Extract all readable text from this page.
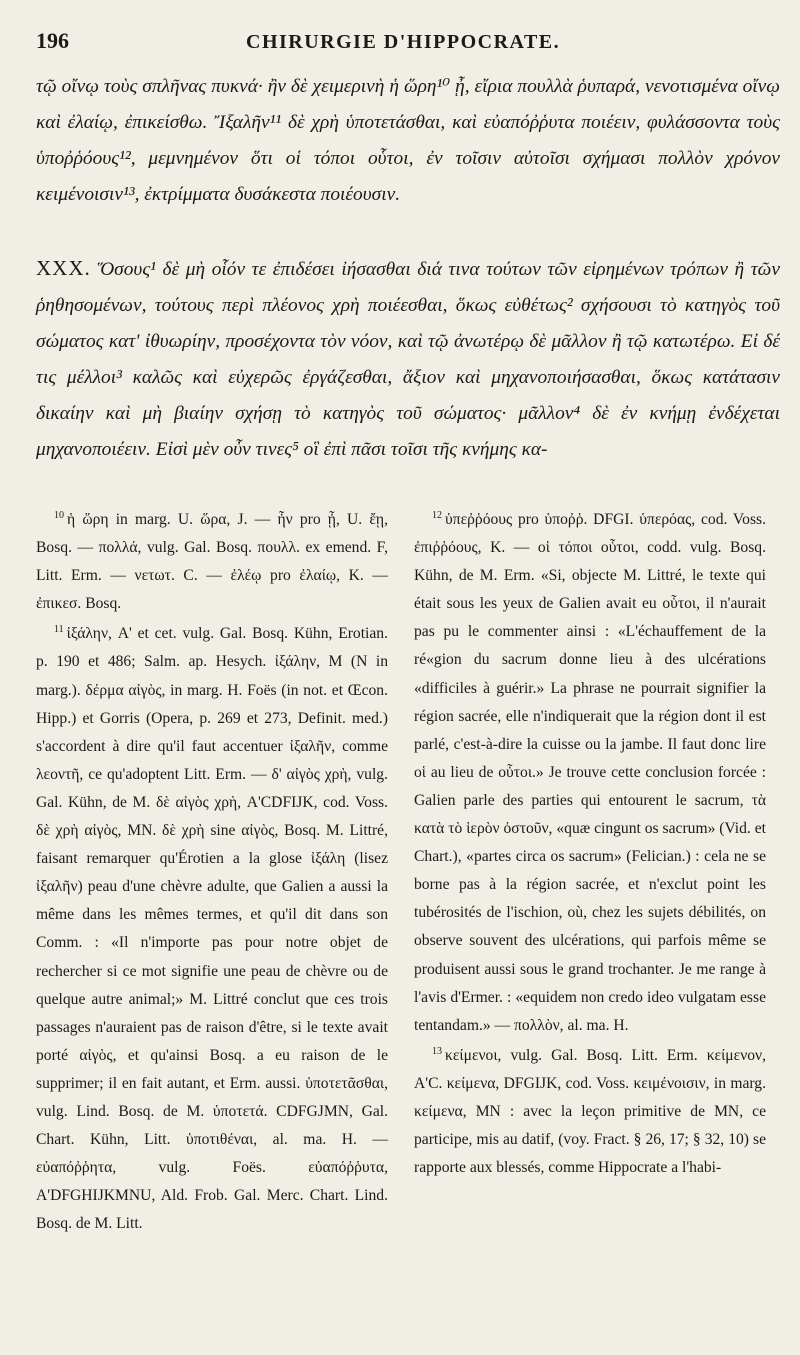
196	CHIRURGIE D'HIPPOCRATE.

τῷ οἴνῳ τοὺς σπλῆνας πυκνά· ἢν δὲ χειμερινὴ ἡ ὥρη¹⁰ ᾖ, εἴρια πουλλὰ ῥυπαρά, νενοτισμένα οἴνῳ καὶ ἐλαίῳ, ἐπικείσθω. Ἴξαλῆν¹¹ δὲ χρὴ ὑποτετάσθαι, καὶ εὐαπόῤῥυτα ποιέειν, φυλάσσοντα τοὺς ὑποῤῥόους¹², μεμνημένον ὅτι οἱ τόποι οὗτοι, ἐν τοῖσιν αὐτοῖσι σχήμασι πολλὸν χρόνον κειμένοισιν¹³, ἐκτρίμματα δυσάκεστα ποιέουσιν.

XXX. Ὅσους¹ δὲ μὴ οἷόν τε ἐπιδέσει ἰήσασθαι διά τινα τούτων τῶν εἰρημένων τρόπων ἢ τῶν ῥηθησομένων, τούτους περὶ πλέονος χρὴ ποιέεσθαι, ὅκως εὐθέτως² σχήσουσι τὸ κατηγὸς τοῦ σώματος κατ' ἰθυωρίην, προσέχοντα τὸν νόον, καὶ τῷ ἀνωτέρῳ δὲ μᾶλλον ἢ τῷ κατωτέρω. Εἰ δέ τις μέλλοι³ καλῶς καὶ εὐχερῶς ἐργάζεσθαι, ἄξιον καὶ μηχανοποιήσασθαι, ὅκως κατάτασιν δικαίην καὶ μὴ βιαίην σχήσῃ τὸ κατηγὸς τοῦ σώματος· μᾶλλον⁴ δὲ ἐν κνήμῃ ἐνδέχεται μηχανοποιέειν. Εἰσὶ μὲν οὖν τινες⁵ οἳ ἐπὶ πᾶσι τοῖσι τῆς κνήμης κα-

$^{10}$ ἡ ὥρη in marg. U. ὥρα, J. — ἦν pro ᾖ, U. ἔῃ, Bosq. — πολλά, vulg. Gal. Bosq. πουλλ. ex emend. F, Litt. Erm. — νετωτ. C. — ἐλέῳ pro ἐλαίῳ, K. — ἐπικεσ. Bosq.

$^{11}$ ἰξάλην, A' et cet. vulg. Gal. Bosq. Kühn, Erotian. p. 190 et 486; Salm. ap. Hesych. ἰξάλην, M (N in marg.). δέρμα αἰγὸς, in marg. H. Foës (in not. et Œcon. Hipp.) et Gorris (Opera, p. 269 et 273, Definit. med.) s'accordent à dire qu'il faut accentuer ἰξαλῆν, comme λεοντῆ, ce qu'adoptent Litt. Erm. — δ' αἰγὸς χρὴ, vulg. Gal. Kühn, de M. δὲ αἰγὸς χρὴ, A'CDFIJK, cod. Voss. δὲ χρὴ αἰγὸς, MN. δὲ χρὴ sine αἰγὸς, Bosq. M. Littré, faisant remarquer qu'Érotien a la glose ἰξάλη (lisez ἰξαλῆν) peau d'une chèvre adulte, que Galien a aussi la même dans les mêmes termes, et qu'il dit dans son Comm. : «Il n'importe pas pour notre objet de rechercher si ce mot signifie une peau de chèvre ou de quelque autre animal;» M. Littré conclut que ces trois passages n'auraient pas de raison d'être, si le texte avait porté αἰγὸς, et qu'ainsi Bosq. a eu raison de le supprimer; il en fait autant, et Erm. aussi. ὑποτετᾶσθαι, vulg. Lind. Bosq. de M. ὑποτετά. CDFGJMN, Gal. Chart. Kühn, Litt. ὑποτιθέναι, al. ma. H. — εὐαπόῤῥητα, vulg. Foës. εὐαπόῤῥυτα, A'DFGHIJKMNU, Ald. Frob. Gal. Merc. Chart. Lind. Bosq. de M. Litt.

$^{12}$ ὑπεῤῥόους pro ὑποῤῥ. DFGI. ὑπερόας, cod. Voss. ἐπιῤῥόους, K. — οἱ τόποι οὗτοι, codd. vulg. Bosq. Kühn, de M. Erm. «Si, objecte M. Littré, le texte qui était sous les yeux de Galien avait eu οὗτοι, il n'aurait pas pu le commenter ainsi : «L'échauffement de la ré«gion du sacrum donne lieu à des ulcérations «difficiles à guérir.» La phrase ne pourrait signifier la région sacrée, elle n'indiquerait que la région dont il est parlé, c'est-à-dire la cuisse ou la jambe. Il faut donc lire οἱ au lieu de οὗτοι.» Je trouve cette conclusion forcée : Galien parle des parties qui entourent le sacrum, τὰ κατὰ τὸ ἱερὸν ὀστοῦν, «quæ cingunt os sacrum» (Vid. et Chart.), «partes circa os sacrum» (Felician.) : cela ne se borne pas à la région sacrée, et n'exclut point les tubérosités de l'ischion, où, chez les sujets débilités, on observe souvent des ulcérations, qui parfois même se produisent aussi sous le grand trochanter. Je me range à l'avis d'Ermer. : «equidem non credo ideo vulgatam esse tentandam.» — πολλὸν, al. ma. H.

$^{13}$ κείμενοι, vulg. Gal. Bosq. Litt. Erm. κείμενον, A'C. κείμενα, DFGIJK, cod. Voss. κειμένοισιν, in marg. κείμενα, MN : avec la leçon primitive de MN, ce participe, mis au datif, (voy. Fract. § 26, 17; § 32, 10) se rapporte aux blessés, comme Hippocrate a l'habi-
